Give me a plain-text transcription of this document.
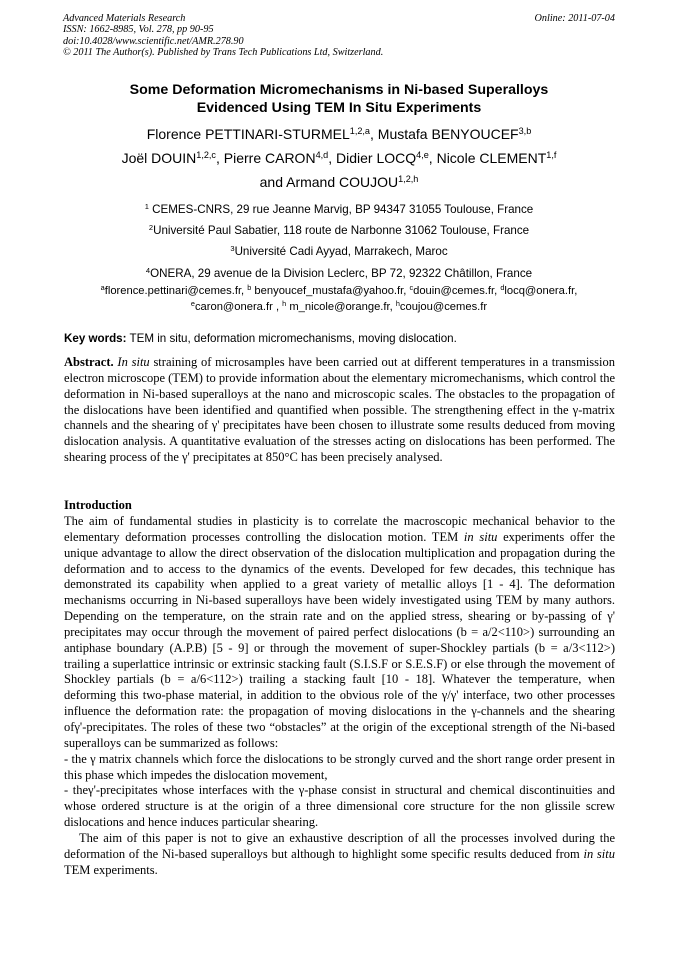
Advanced Materials Research
ISSN: 1662-8985, Vol. 278, pp 90-95
doi:10.4028/www.scientific.net/AMR.278.90
© 2011 The Author(s). Published by Trans Tech Publications Ltd, Switzerland.
Online: 2011-07-04
Some Deformation Micromechanisms in Ni-based Superalloys
Evidenced Using TEM In Situ Experiments
Florence PETTINARI-STURMEL$^{1,2,a}$, Mustafa BENYOUCEF$^{3,b}$
Joël DOUIN$^{1,2,c}$, Pierre CARON$^{4,d}$, Didier LOCQ$^{4,e}$, Nicole CLEMENT$^{1,f}$
and Armand COUJOU$^{1,2,h}$
$^1$ CEMES-CNRS, 29 rue Jeanne Marvig, BP 94347 31055 Toulouse, France
$^2$Université Paul Sabatier, 118 route de Narbonne 31062 Toulouse, France
$^3$Université Cadi Ayyad, Marrakech, Maroc
$^4$ONERA, 29 avenue de la Division Leclerc, BP 72, 92322 Châtillon, France
$^a$florence.pettinari@cemes.fr, $^b$ benyoucef_mustafa@yahoo.fr, $^c$douin@cemes.fr, $^d$locq@onera.fr,
$^e$caron@onera.fr , $^h$ m_nicole@orange.fr, $^h$coujou@cemes.fr
Key words: TEM in situ, deformation micromechanisms, moving dislocation.

Abstract. In situ straining of microsamples have been carried out at different temperatures in a transmission electron microscope (TEM) to provide information about the elementary micromechanisms, which control the deformation in Ni-based superalloys at the nano and microscopic scales. The obstacles to the propagation of the dislocations have been identified and quantified when possible. The strengthening effect in the γ-matrix channels and the shearing of γ' precipitates have been chosen to illustrate some results deduced from moving dislocation analysis. A quantitative evaluation of the stresses acting on dislocations has been performed. The shearing process of the γ' precipitates at 850°C has been precisely analysed.

Introduction

The aim of fundamental studies in plasticity is to correlate the macroscopic mechanical behavior to the elementary deformation processes controlling the dislocation motion. TEM in situ experiments offer the unique advantage to allow the direct observation of the dislocation multiplication and propagation during the deformation and to access to the dynamics of the events. Developed for few decades, this technique has demonstrated its capability when applied to a great variety of metallic alloys [1 - 4]. The deformation mechanisms occurring in Ni-based superalloys have been widely investigated using TEM by many authors. Depending on the temperature, on the strain rate and on the applied stress, shearing or by-passing of γ' precipitates may occur through the movement of paired perfect dislocations (b = a/2<110>) surrounding an antiphase boundary (A.P.B) [5 - 9] or through the movement of super-Shockley partials (b = a/3<112>) trailing a superlattice intrinsic or extrinsic stacking fault (S.I.S.F or S.E.S.F) or else through the movement of Shockley partials (b = a/6<112>) trailing a stacking fault [10 - 18]. Whatever the temperature, when deforming this two-phase material, in addition to the obvious role of the γ/γ' interface, two other processes influence the deformation rate: the propagation of moving dislocations in the γ-channels and the shearing ofγ'-precipitates. The roles of these two “obstacles” at the origin of the exceptional strength of the Ni-based superalloys can be summarized as follows:

- the γ matrix channels which force the dislocations to be strongly curved and the short range order present in this phase which impedes the dislocation movement,

- theγ'-precipitates whose interfaces with the γ-phase consist in structural and chemical discontinuities and whose ordered structure is at the origin of a three dimensional core structure for the non glissile screw dislocations and hence induces particular shearing.

The aim of this paper is not to give an exhaustive description of all the processes involved during the deformation of the Ni-based superalloys but although to highlight some specific results deduced from in situ TEM experiments.
